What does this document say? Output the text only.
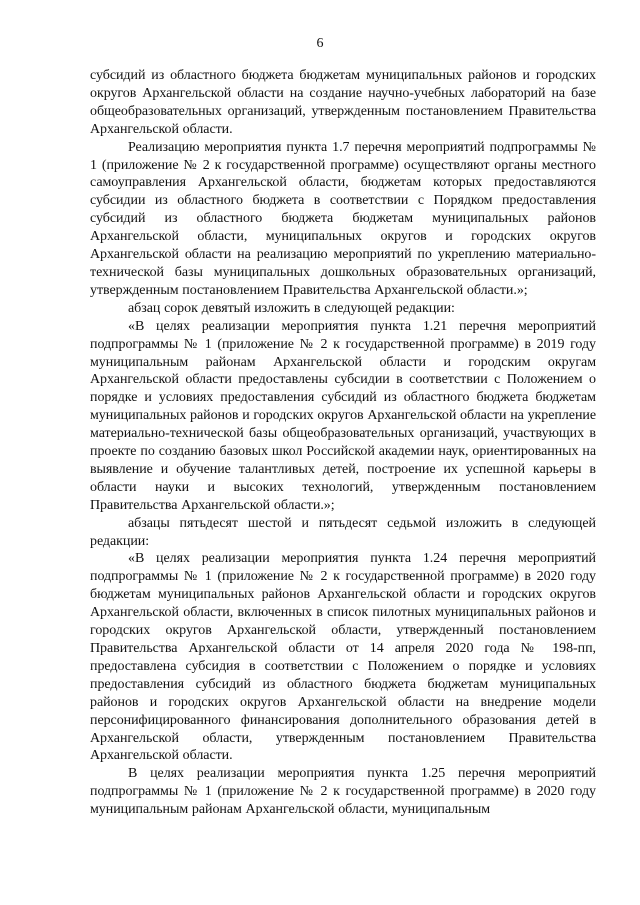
6

субсидий из областного бюджета бюджетам муниципальных районов и городских округов Архангельской области на создание научно-учебных лабораторий на базе общеобразовательных организаций, утвержденным постановлением Правительства Архангельской области.

Реализацию мероприятия пункта 1.7 перечня мероприятий подпрограммы № 1 (приложение № 2 к государственной программе) осуществляют органы местного самоуправления Архангельской области, бюджетам которых предоставляются субсидии из областного бюджета в соответствии с Порядком предоставления субсидий из областного бюджета бюджетам муниципальных районов Архангельской области, муниципальных округов и городских округов Архангельской области на реализацию мероприятий по укреплению материально-технической базы муниципальных дошкольных образовательных организаций, утвержденным постановлением Правительства Архангельской области.»;

абзац сорок девятый изложить в следующей редакции:

«В целях реализации мероприятия пункта 1.21 перечня мероприятий подпрограммы № 1 (приложение № 2 к государственной программе) в 2019 году муниципальным районам Архангельской области и городским округам Архангельской области предоставлены субсидии в соответствии с Положением о порядке и условиях предоставления субсидий из областного бюджета бюджетам муниципальных районов и городских округов Архангельской области на укрепление материально-технической базы общеобразовательных организаций, участвующих в проекте по созданию базовых школ Российской академии наук, ориентированных на выявление и обучение талантливых детей, построение их успешной карьеры в области науки и высоких технологий, утвержденным постановлением Правительства Архангельской области.»;

абзацы пятьдесят шестой и пятьдесят седьмой изложить в следующей редакции:

«В целях реализации мероприятия пункта 1.24 перечня мероприятий подпрограммы № 1 (приложение № 2 к государственной программе) в 2020 году бюджетам муниципальных районов Архангельской области и городских округов Архангельской области, включенных в список пилотных муниципальных районов и городских округов Архангельской области, утвержденный постановлением Правительства Архангельской области от 14 апреля 2020 года № 198-пп, предоставлена субсидия в соответствии с Положением о порядке и условиях предоставления субсидий из областного бюджета бюджетам муниципальных районов и городских округов Архангельской области на внедрение модели персонифицированного финансирования дополнительного образования детей в Архангельской области, утвержденным постановлением Правительства Архангельской области.

В целях реализации мероприятия пункта 1.25 перечня мероприятий подпрограммы № 1 (приложение № 2 к государственной программе) в 2020 году муниципальным районам Архангельской области, муниципальным
